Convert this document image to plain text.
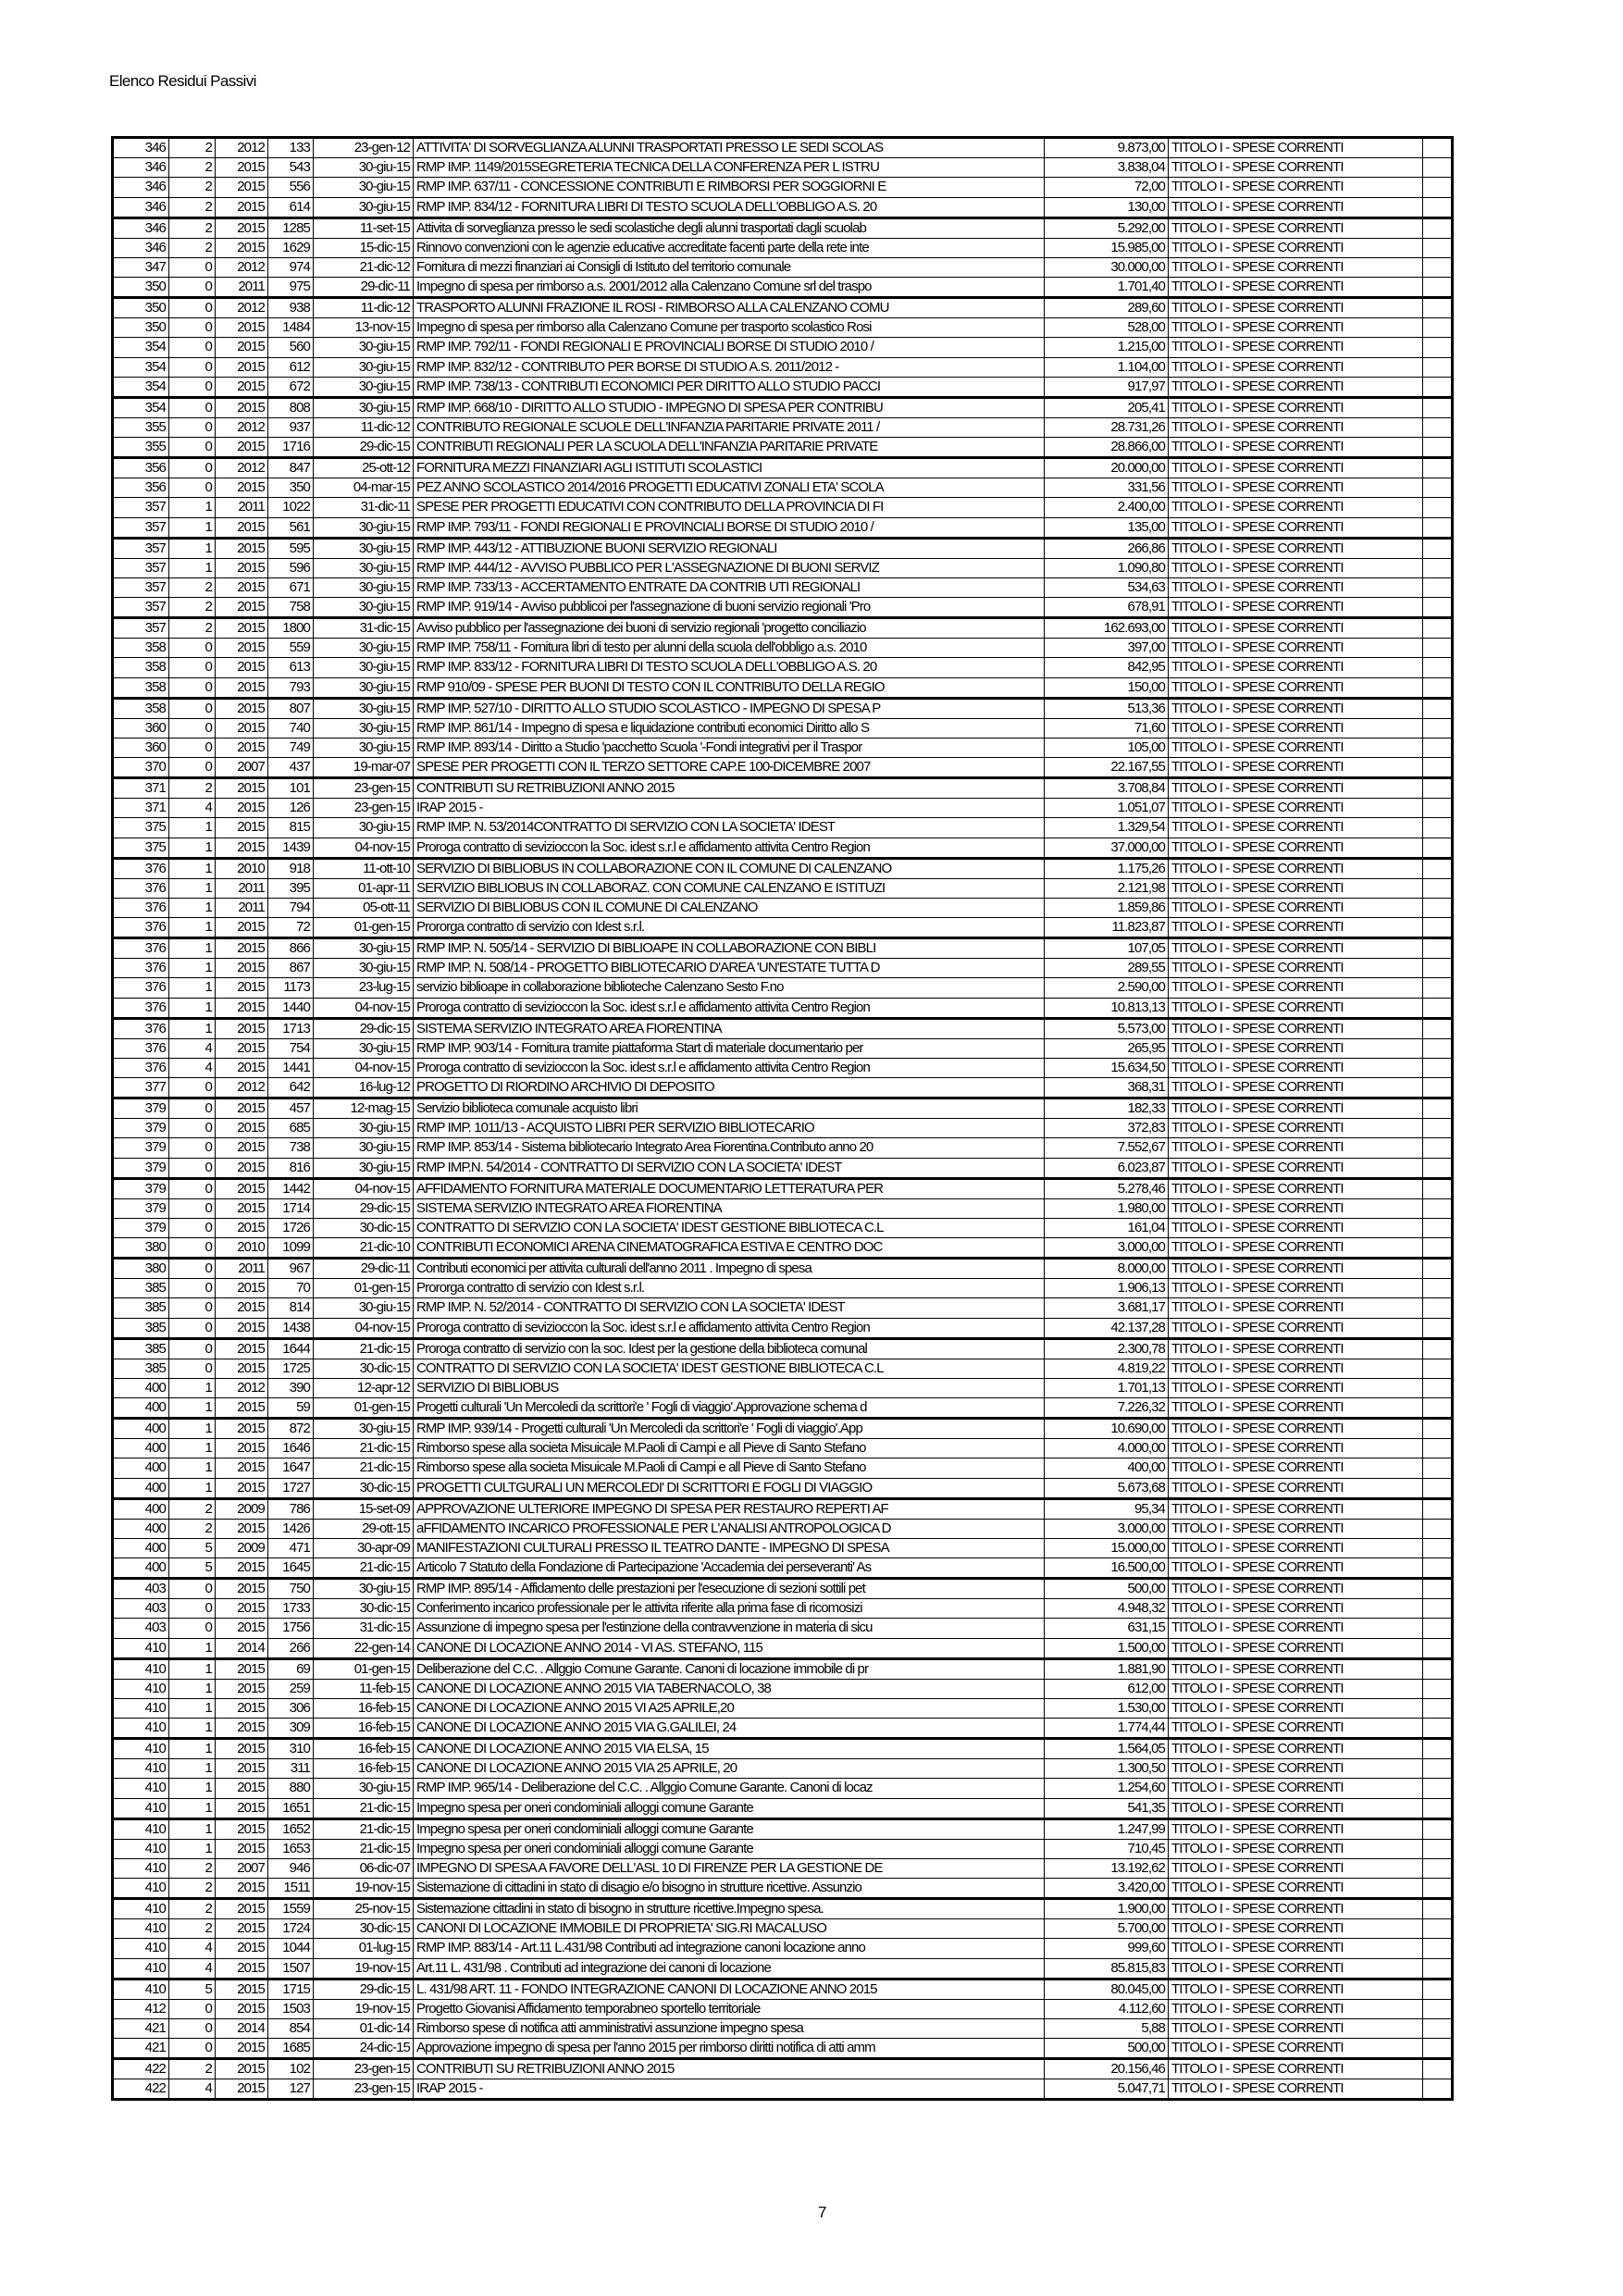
Elenco Residui Passivi
346	2	2012	133	23-gen-12	ATTIVITA' DI SORVEGLIANZA ALUNNI TRASPORTATI PRESSO LE SEDI SCOLAS	9.873,00	TITOLO I - SPESE CORRENTI	
346	2	2015	543	30-giu-15	RMP IMP. 1149/2015SEGRETERIA TECNICA DELLA CONFERENZA PER L ISTRU	3.838,04	TITOLO I - SPESE CORRENTI	
346	2	2015	556	30-giu-15	RMP IMP. 637/11 - CONCESSIONE CONTRIBUTI E RIMBORSI PER SOGGIORNI E	72,00	TITOLO I - SPESE CORRENTI	
346	2	2015	614	30-giu-15	RMP IMP. 834/12 - FORNITURA LIBRI DI TESTO SCUOLA DELL'OBBLIGO A.S. 20	130,00	TITOLO I - SPESE CORRENTI	
346	2	2015	1285	11-set-15	Attivita di sorveglianza presso le sedi scolastiche degli alunni trasportati dagli scuolab	5.292,00	TITOLO I - SPESE CORRENTI	
346	2	2015	1629	15-dic-15	Rinnovo convenzioni con le agenzie educative accreditate facenti parte della rete inte	15.985,00	TITOLO I - SPESE CORRENTI	
347	0	2012	974	21-dic-12	Fornitura di mezzi finanziari ai Consigli di Istituto del territorio comunale	30.000,00	TITOLO I - SPESE CORRENTI	
350	0	2011	975	29-dic-11	Impegno di spesa per rimborso a.s. 2001/2012 alla Calenzano Comune srl del traspo	1.701,40	TITOLO I - SPESE CORRENTI	
350	0	2012	938	11-dic-12	TRASPORTO ALUNNI FRAZIONE IL ROSI - RIMBORSO ALLA CALENZANO COMU	289,60	TITOLO I - SPESE CORRENTI	
350	0	2015	1484	13-nov-15	Impegno di spesa per rimborso alla Calenzano Comune per trasporto scolastico Rosi	528,00	TITOLO I - SPESE CORRENTI	
354	0	2015	560	30-giu-15	RMP IMP. 792/11 - FONDI REGIONALI E PROVINCIALI BORSE DI STUDIO 2010 /	1.215,00	TITOLO I - SPESE CORRENTI	
354	0	2015	612	30-giu-15	RMP IMP. 832/12 - CONTRIBUTO PER BORSE DI STUDIO A.S. 2011/2012 -	1.104,00	TITOLO I - SPESE CORRENTI	
354	0	2015	672	30-giu-15	RMP IMP. 738/13 - CONTRIBUTI ECONOMICI PER DIRITTO ALLO STUDIO PACCI	917,97	TITOLO I - SPESE CORRENTI	
354	0	2015	808	30-giu-15	RMP IMP. 668/10 - DIRITTO ALLO STUDIO - IMPEGNO DI SPESA PER CONTRIBU	205,41	TITOLO I - SPESE CORRENTI	
355	0	2012	937	11-dic-12	CONTRIBUTO REGIONALE SCUOLE DELL'INFANZIA PARITARIE PRIVATE 2011 /	28.731,26	TITOLO I - SPESE CORRENTI	
355	0	2015	1716	29-dic-15	CONTRIBUTI REGIONALI PER LA SCUOLA DELL'INFANZIA PARITARIE PRIVATE	28.866,00	TITOLO I - SPESE CORRENTI	
356	0	2012	847	25-ott-12	FORNITURA MEZZI FINANZIARI AGLI ISTITUTI SCOLASTICI	20.000,00	TITOLO I - SPESE CORRENTI	
356	0	2015	350	04-mar-15	PEZ ANNO SCOLASTICO 2014/2016 PROGETTI EDUCATIVI ZONALI ETA' SCOLA	331,56	TITOLO I - SPESE CORRENTI	
357	1	2011	1022	31-dic-11	SPESE PER PROGETTI EDUCATIVI CON CONTRIBUTO DELLA PROVINCIA DI FI	2.400,00	TITOLO I - SPESE CORRENTI	
357	1	2015	561	30-giu-15	RMP IMP. 793/11 - FONDI REGIONALI E PROVINCIALI BORSE DI STUDIO 2010 /	135,00	TITOLO I - SPESE CORRENTI	
357	1	2015	595	30-giu-15	RMP IMP. 443/12 - ATTIBUZIONE BUONI SERVIZIO REGIONALI	266,86	TITOLO I - SPESE CORRENTI	
357	1	2015	596	30-giu-15	RMP IMP. 444/12 - AVVISO PUBBLICO PER L'ASSEGNAZIONE DI BUONI SERVIZ	1.090,80	TITOLO I - SPESE CORRENTI	
357	2	2015	671	30-giu-15	RMP IMP. 733/13 - ACCERTAMENTO ENTRATE DA CONTRIB UTI REGIONALI	534,63	TITOLO I - SPESE CORRENTI	
357	2	2015	758	30-giu-15	RMP IMP. 919/14 - Avviso pubblicoi per l'assegnazione di buoni servizio regionali 'Pro	678,91	TITOLO I - SPESE CORRENTI	
357	2	2015	1800	31-dic-15	Avviso pubblico per l'assegnazione dei buoni di servizio regionali 'progetto conciliazio	162.693,00	TITOLO I - SPESE CORRENTI	
358	0	2015	559	30-giu-15	RMP IMP. 758/11 - Fornitura libri di testo per alunni della scuola dell'obbligo a.s. 2010	397,00	TITOLO I - SPESE CORRENTI	
358	0	2015	613	30-giu-15	RMP IMP. 833/12 - FORNITURA LIBRI DI TESTO SCUOLA DELL'OBBLIGO A.S. 20	842,95	TITOLO I - SPESE CORRENTI	
358	0	2015	793	30-giu-15	RMP 910/09 - SPESE PER BUONI DI TESTO CON IL CONTRIBUTO DELLA REGIO	150,00	TITOLO I - SPESE CORRENTI	
358	0	2015	807	30-giu-15	RMP IMP. 527/10 - DIRITTO ALLO STUDIO SCOLASTICO - IMPEGNO DI SPESA P	513,36	TITOLO I - SPESE CORRENTI	
360	0	2015	740	30-giu-15	RMP IMP. 861/14 - Impegno di spesa e liquidazione contributi economici Diritto allo S	71,60	TITOLO I - SPESE CORRENTI	
360	0	2015	749	30-giu-15	RMP IMP. 893/14 - Diritto a Studio 'pacchetto Scuola '-Fondi integrativi per il Traspor	105,00	TITOLO I - SPESE CORRENTI	
370	0	2007	437	19-mar-07	SPESE PER PROGETTI CON IL TERZO SETTORE CAP.E 100-DICEMBRE 2007	22.167,55	TITOLO I - SPESE CORRENTI	
371	2	2015	101	23-gen-15	CONTRIBUTI SU RETRIBUZIONI ANNO 2015	3.708,84	TITOLO I - SPESE CORRENTI	
371	4	2015	126	23-gen-15	IRAP 2015 -	1.051,07	TITOLO I - SPESE CORRENTI	
375	1	2015	815	30-giu-15	RMP IMP. N. 53/2014CONTRATTO DI SERVIZIO CON LA SOCIETA' IDEST	1.329,54	TITOLO I - SPESE CORRENTI	
375	1	2015	1439	04-nov-15	Proroga contratto di sevizioccon la Soc. idest s.r.l e affidamento attivita Centro Region	37.000,00	TITOLO I - SPESE CORRENTI	
376	1	2010	918	11-ott-10	SERVIZIO DI BIBLIOBUS IN COLLABORAZIONE CON IL COMUNE DI CALENZANO	1.175,26	TITOLO I - SPESE CORRENTI	
376	1	2011	395	01-apr-11	SERVIZIO BIBLIOBUS IN COLLABORAZ. CON COMUNE CALENZANO E ISTITUZI	2.121,98	TITOLO I - SPESE CORRENTI	
376	1	2011	794	05-ott-11	SERVIZIO DI BIBLIOBUS CON IL COMUNE DI CALENZANO	1.859,86	TITOLO I - SPESE CORRENTI	
376	1	2015	72	01-gen-15	Prororga contratto di servizio con Idest s.r.l.	11.823,87	TITOLO I - SPESE CORRENTI	
376	1	2015	866	30-giu-15	RMP IMP. N. 505/14 - SERVIZIO DI BIBLIOAPE IN COLLABORAZIONE CON BIBLI	107,05	TITOLO I - SPESE CORRENTI	
376	1	2015	867	30-giu-15	RMP IMP. N. 508/14 - PROGETTO BIBLIOTECARIO D'AREA 'UN'ESTATE TUTTA D	289,55	TITOLO I - SPESE CORRENTI	
376	1	2015	1173	23-lug-15	servizio biblioape in collaborazione biblioteche Calenzano Sesto F.no	2.590,00	TITOLO I - SPESE CORRENTI	
376	1	2015	1440	04-nov-15	Proroga contratto di sevizioccon la Soc. idest s.r.l e affidamento attivita Centro Region	10.813,13	TITOLO I - SPESE CORRENTI	
376	1	2015	1713	29-dic-15	SISTEMA SERVIZIO INTEGRATO AREA FIORENTINA	5.573,00	TITOLO I - SPESE CORRENTI	
376	4	2015	754	30-giu-15	RMP IMP. 903/14 - Fornitura tramite piattaforma Start di materiale documentario per	265,95	TITOLO I - SPESE CORRENTI	
376	4	2015	1441	04-nov-15	Proroga contratto di sevizioccon la Soc. idest s.r.l e affidamento attivita Centro Region	15.634,50	TITOLO I - SPESE CORRENTI	
377	0	2012	642	16-lug-12	PROGETTO DI RIORDINO ARCHIVIO DI DEPOSITO	368,31	TITOLO I - SPESE CORRENTI	
379	0	2015	457	12-mag-15	Servizio biblioteca comunale acquisto libri	182,33	TITOLO I - SPESE CORRENTI	
379	0	2015	685	30-giu-15	RMP IMP. 1011/13 - ACQUISTO LIBRI PER SERVIZIO BIBLIOTECARIO	372,83	TITOLO I - SPESE CORRENTI	
379	0	2015	738	30-giu-15	RMP IMP. 853/14 - Sistema bibliotecario Integrato Area Fiorentina.Contributo anno 20	7.552,67	TITOLO I - SPESE CORRENTI	
379	0	2015	816	30-giu-15	RMP IMP.N. 54/2014 - CONTRATTO DI SERVIZIO CON LA SOCIETA' IDEST	6.023,87	TITOLO I - SPESE CORRENTI	
379	0	2015	1442	04-nov-15	AFFIDAMENTO FORNITURA MATERIALE DOCUMENTARIO LETTERATURA PER	5.278,46	TITOLO I - SPESE CORRENTI	
379	0	2015	1714	29-dic-15	SISTEMA SERVIZIO INTEGRATO AREA FIORENTINA	1.980,00	TITOLO I - SPESE CORRENTI	
379	0	2015	1726	30-dic-15	CONTRATTO DI SERVIZIO CON LA SOCIETA' IDEST GESTIONE BIBLIOTECA C.L	161,04	TITOLO I - SPESE CORRENTI	
380	0	2010	1099	21-dic-10	CONTRIBUTI ECONOMICI ARENA CINEMATOGRAFICA ESTIVA E CENTRO DOC	3.000,00	TITOLO I - SPESE CORRENTI	
380	0	2011	967	29-dic-11	Contributi economici per attivita culturali dell'anno 2011 . Impegno di spesa	8.000,00	TITOLO I - SPESE CORRENTI	
385	0	2015	70	01-gen-15	Prororga contratto di servizio con Idest s.r.l.	1.906,13	TITOLO I - SPESE CORRENTI	
385	0	2015	814	30-giu-15	RMP IMP. N. 52/2014 - CONTRATTO DI SERVIZIO CON LA SOCIETA' IDEST	3.681,17	TITOLO I - SPESE CORRENTI	
385	0	2015	1438	04-nov-15	Proroga contratto di sevizioccon la Soc. idest s.r.l e affidamento attivita Centro Region	42.137,28	TITOLO I - SPESE CORRENTI	
385	0	2015	1644	21-dic-15	Proroga contratto di servizio con la soc. Idest per la gestione della biblioteca comunal	2.300,78	TITOLO I - SPESE CORRENTI	
385	0	2015	1725	30-dic-15	CONTRATTO DI SERVIZIO CON LA SOCIETA' IDEST GESTIONE BIBLIOTECA C.L	4.819,22	TITOLO I - SPESE CORRENTI	
400	1	2012	390	12-apr-12	SERVIZIO DI BIBLIOBUS	1.701,13	TITOLO I - SPESE CORRENTI	
400	1	2015	59	01-gen-15	Progetti culturali 'Un Mercoledi da scrittori'e ' Fogli di viaggio'.Approvazione schema d	7.226,32	TITOLO I - SPESE CORRENTI	
400	1	2015	872	30-giu-15	RMP IMP. 939/14 - Progetti culturali 'Un Mercoledi da scrittori'e ' Fogli di viaggio'.App	10.690,00	TITOLO I - SPESE CORRENTI	
400	1	2015	1646	21-dic-15	Rimborso spese alla societa Misuicale M.Paoli di Campi e all Pieve di Santo Stefano	4.000,00	TITOLO I - SPESE CORRENTI	
400	1	2015	1647	21-dic-15	Rimborso spese alla societa Misuicale M.Paoli di Campi e all Pieve di Santo Stefano	400,00	TITOLO I - SPESE CORRENTI	
400	1	2015	1727	30-dic-15	PROGETTI CULTGURALI UN MERCOLEDI' DI SCRITTORI E FOGLI DI VIAGGIO	5.673,68	TITOLO I - SPESE CORRENTI	
400	2	2009	786	15-set-09	APPROVAZIONE ULTERIORE IMPEGNO DI SPESA PER RESTAURO REPERTI AF	95,34	TITOLO I - SPESE CORRENTI	
400	2	2015	1426	29-ott-15	aFFIDAMENTO INCARICO PROFESSIONALE PER L'ANALISI ANTROPOLOGICA D	3.000,00	TITOLO I - SPESE CORRENTI	
400	5	2009	471	30-apr-09	MANIFESTAZIONI CULTURALI PRESSO IL TEATRO DANTE - IMPEGNO DI SPESA	15.000,00	TITOLO I - SPESE CORRENTI	
400	5	2015	1645	21-dic-15	Articolo 7 Statuto della Fondazione di Partecipazione 'Accademia dei perseveranti' As	16.500,00	TITOLO I - SPESE CORRENTI	
403	0	2015	750	30-giu-15	RMP IMP. 895/14 - Affidamento delle prestazioni per l'esecuzione di sezioni sottili pet	500,00	TITOLO I - SPESE CORRENTI	
403	0	2015	1733	30-dic-15	Conferimento incarico professionale per le attivita riferite alla prima fase di ricomosizi	4.948,32	TITOLO I - SPESE CORRENTI	
403	0	2015	1756	31-dic-15	Assunzione di impegno spesa per l'estinzione della contravvenzione in materia di sicu	631,15	TITOLO I - SPESE CORRENTI	
410	1	2014	266	22-gen-14	CANONE DI LOCAZIONE ANNO 2014 - VI AS. STEFANO, 115	1.500,00	TITOLO I - SPESE CORRENTI	
410	1	2015	69	01-gen-15	Deliberazione del C.C. . Allggio Comune Garante. Canoni di locazione immobile di pr	1.881,90	TITOLO I - SPESE CORRENTI	
410	1	2015	259	11-feb-15	CANONE DI LOCAZIONE ANNO 2015 VIA TABERNACOLO, 38	612,00	TITOLO I - SPESE CORRENTI	
410	1	2015	306	16-feb-15	CANONE DI LOCAZIONE ANNO 2015 VI A25 APRILE,20	1.530,00	TITOLO I - SPESE CORRENTI	
410	1	2015	309	16-feb-15	CANONE DI LOCAZIONE ANNO 2015 VIA G.GALILEI, 24	1.774,44	TITOLO I - SPESE CORRENTI	
410	1	2015	310	16-feb-15	CANONE DI LOCAZIONE ANNO 2015 VIA ELSA, 15	1.564,05	TITOLO I - SPESE CORRENTI	
410	1	2015	311	16-feb-15	CANONE DI LOCAZIONE ANNO 2015 VIA 25 APRILE, 20	1.300,50	TITOLO I - SPESE CORRENTI	
410	1	2015	880	30-giu-15	RMP IMP. 965/14 - Deliberazione del C.C. . Allggio Comune Garante. Canoni di locaz	1.254,60	TITOLO I - SPESE CORRENTI	
410	1	2015	1651	21-dic-15	Impegno spesa per oneri condominiali alloggi comune Garante	541,35	TITOLO I - SPESE CORRENTI	
410	1	2015	1652	21-dic-15	Impegno spesa per oneri condominiali alloggi comune Garante	1.247,99	TITOLO I - SPESE CORRENTI	
410	1	2015	1653	21-dic-15	Impegno spesa per oneri condominiali alloggi comune Garante	710,45	TITOLO I - SPESE CORRENTI	
410	2	2007	946	06-dic-07	IMPEGNO DI SPESA A FAVORE DELL'ASL 10 DI FIRENZE PER LA GESTIONE DE	13.192,62	TITOLO I - SPESE CORRENTI	
410	2	2015	1511	19-nov-15	Sistemazione di cittadini in stato di disagio e/o bisogno in strutture ricettive. Assunzio	3.420,00	TITOLO I - SPESE CORRENTI	
410	2	2015	1559	25-nov-15	Sistemazione cittadini in stato di bisogno in strutture ricettive.Impegno spesa.	1.900,00	TITOLO I - SPESE CORRENTI	
410	2	2015	1724	30-dic-15	CANONI DI LOCAZIONE IMMOBILE DI PROPRIETA' SIG.RI MACALUSO	5.700,00	TITOLO I - SPESE CORRENTI	
410	4	2015	1044	01-lug-15	RMP IMP. 883/14 - Art.11 L.431/98 Contributi ad integrazione canoni locazione anno	999,60	TITOLO I - SPESE CORRENTI	
410	4	2015	1507	19-nov-15	Art.11 L. 431/98 . Contributi ad integrazione dei canoni di locazione	85.815,83	TITOLO I - SPESE CORRENTI	
410	5	2015	1715	29-dic-15	L. 431/98 ART. 11 - FONDO INTEGRAZIONE CANONI DI LOCAZIONE ANNO 2015	80.045,00	TITOLO I - SPESE CORRENTI	
412	0	2015	1503	19-nov-15	Progetto Giovanisi Affidamento temporabneo sportello territoriale	4.112,60	TITOLO I - SPESE CORRENTI	
421	0	2014	854	01-dic-14	Rimborso spese di notifica atti amministrativi assunzione impegno spesa	5,88	TITOLO I - SPESE CORRENTI	
421	0	2015	1685	24-dic-15	Approvazione impegno di spesa per l'anno 2015 per rimborso diritti notifica di atti amm	500,00	TITOLO I - SPESE CORRENTI	
422	2	2015	102	23-gen-15	CONTRIBUTI SU RETRIBUZIONI ANNO 2015	20.156,46	TITOLO I - SPESE CORRENTI	
422	4	2015	127	23-gen-15	IRAP 2015 -	5.047,71	TITOLO I - SPESE CORRENTI	
7
